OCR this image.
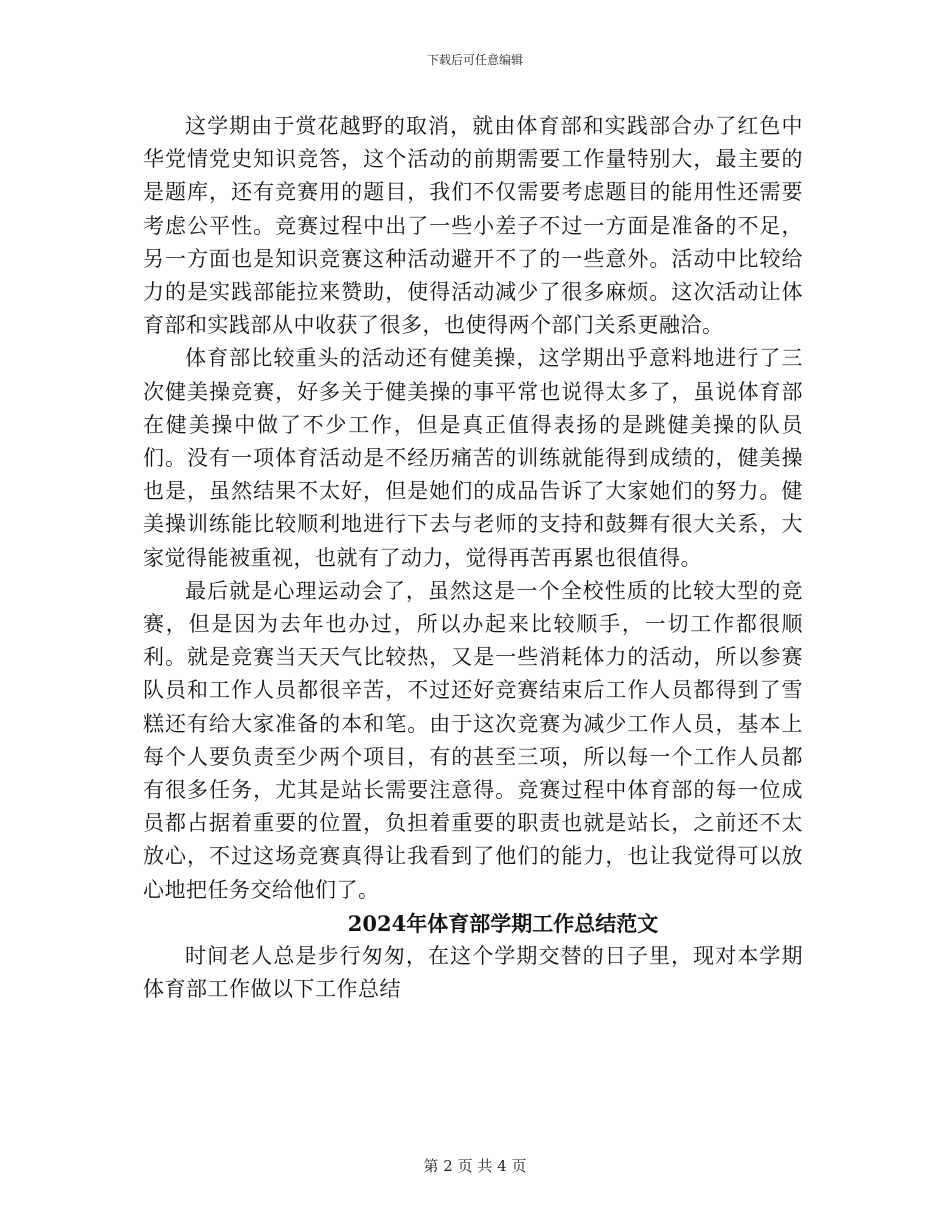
下载后可任意编辑

这学期由于赏花越野的取消，就由体育部和实践部合办了红色中华党情党史知识竞答，这个活动的前期需要工作量特别大，最主要的是题库，还有竞赛用的题目，我们不仅需要考虑题目的能用性还需要考虑公平性。竞赛过程中出了一些小差子不过一方面是准备的不足，另一方面也是知识竞赛这种活动避开不了的一些意外。活动中比较给力的是实践部能拉来赞助，使得活动减少了很多麻烦。这次活动让体育部和实践部从中收获了很多，也使得两个部门关系更融洽。

体育部比较重头的活动还有健美操，这学期出乎意料地进行了三次健美操竞赛，好多关于健美操的事平常也说得太多了，虽说体育部在健美操中做了不少工作，但是真正值得表扬的是跳健美操的队员们。没有一项体育活动是不经历痛苦的训练就能得到成绩的，健美操也是，虽然结果不太好，但是她们的成品告诉了大家她们的努力。健美操训练能比较顺利地进行下去与老师的支持和鼓舞有很大关系，大家觉得能被重视，也就有了动力，觉得再苦再累也很值得。

最后就是心理运动会了，虽然这是一个全校性质的比较大型的竞赛，但是因为去年也办过，所以办起来比较顺手，一切工作都很顺利。就是竞赛当天天气比较热，又是一些消耗体力的活动，所以参赛队员和工作人员都很辛苦，不过还好竞赛结束后工作人员都得到了雪糕还有给大家准备的本和笔。由于这次竞赛为减少工作人员，基本上每个人要负责至少两个项目，有的甚至三项，所以每一个工作人员都有很多任务，尤其是站长需要注意得。竞赛过程中体育部的每一位成员都占据着重要的位置，负担着重要的职责也就是站长，之前还不太放心，不过这场竞赛真得让我看到了他们的能力，也让我觉得可以放心地把任务交给他们了。

2024年体育部学期工作总结范文

时间老人总是步行匆匆，在这个学期交替的日子里，现对本学期体育部工作做以下工作总结

第 2 页 共 4 页
